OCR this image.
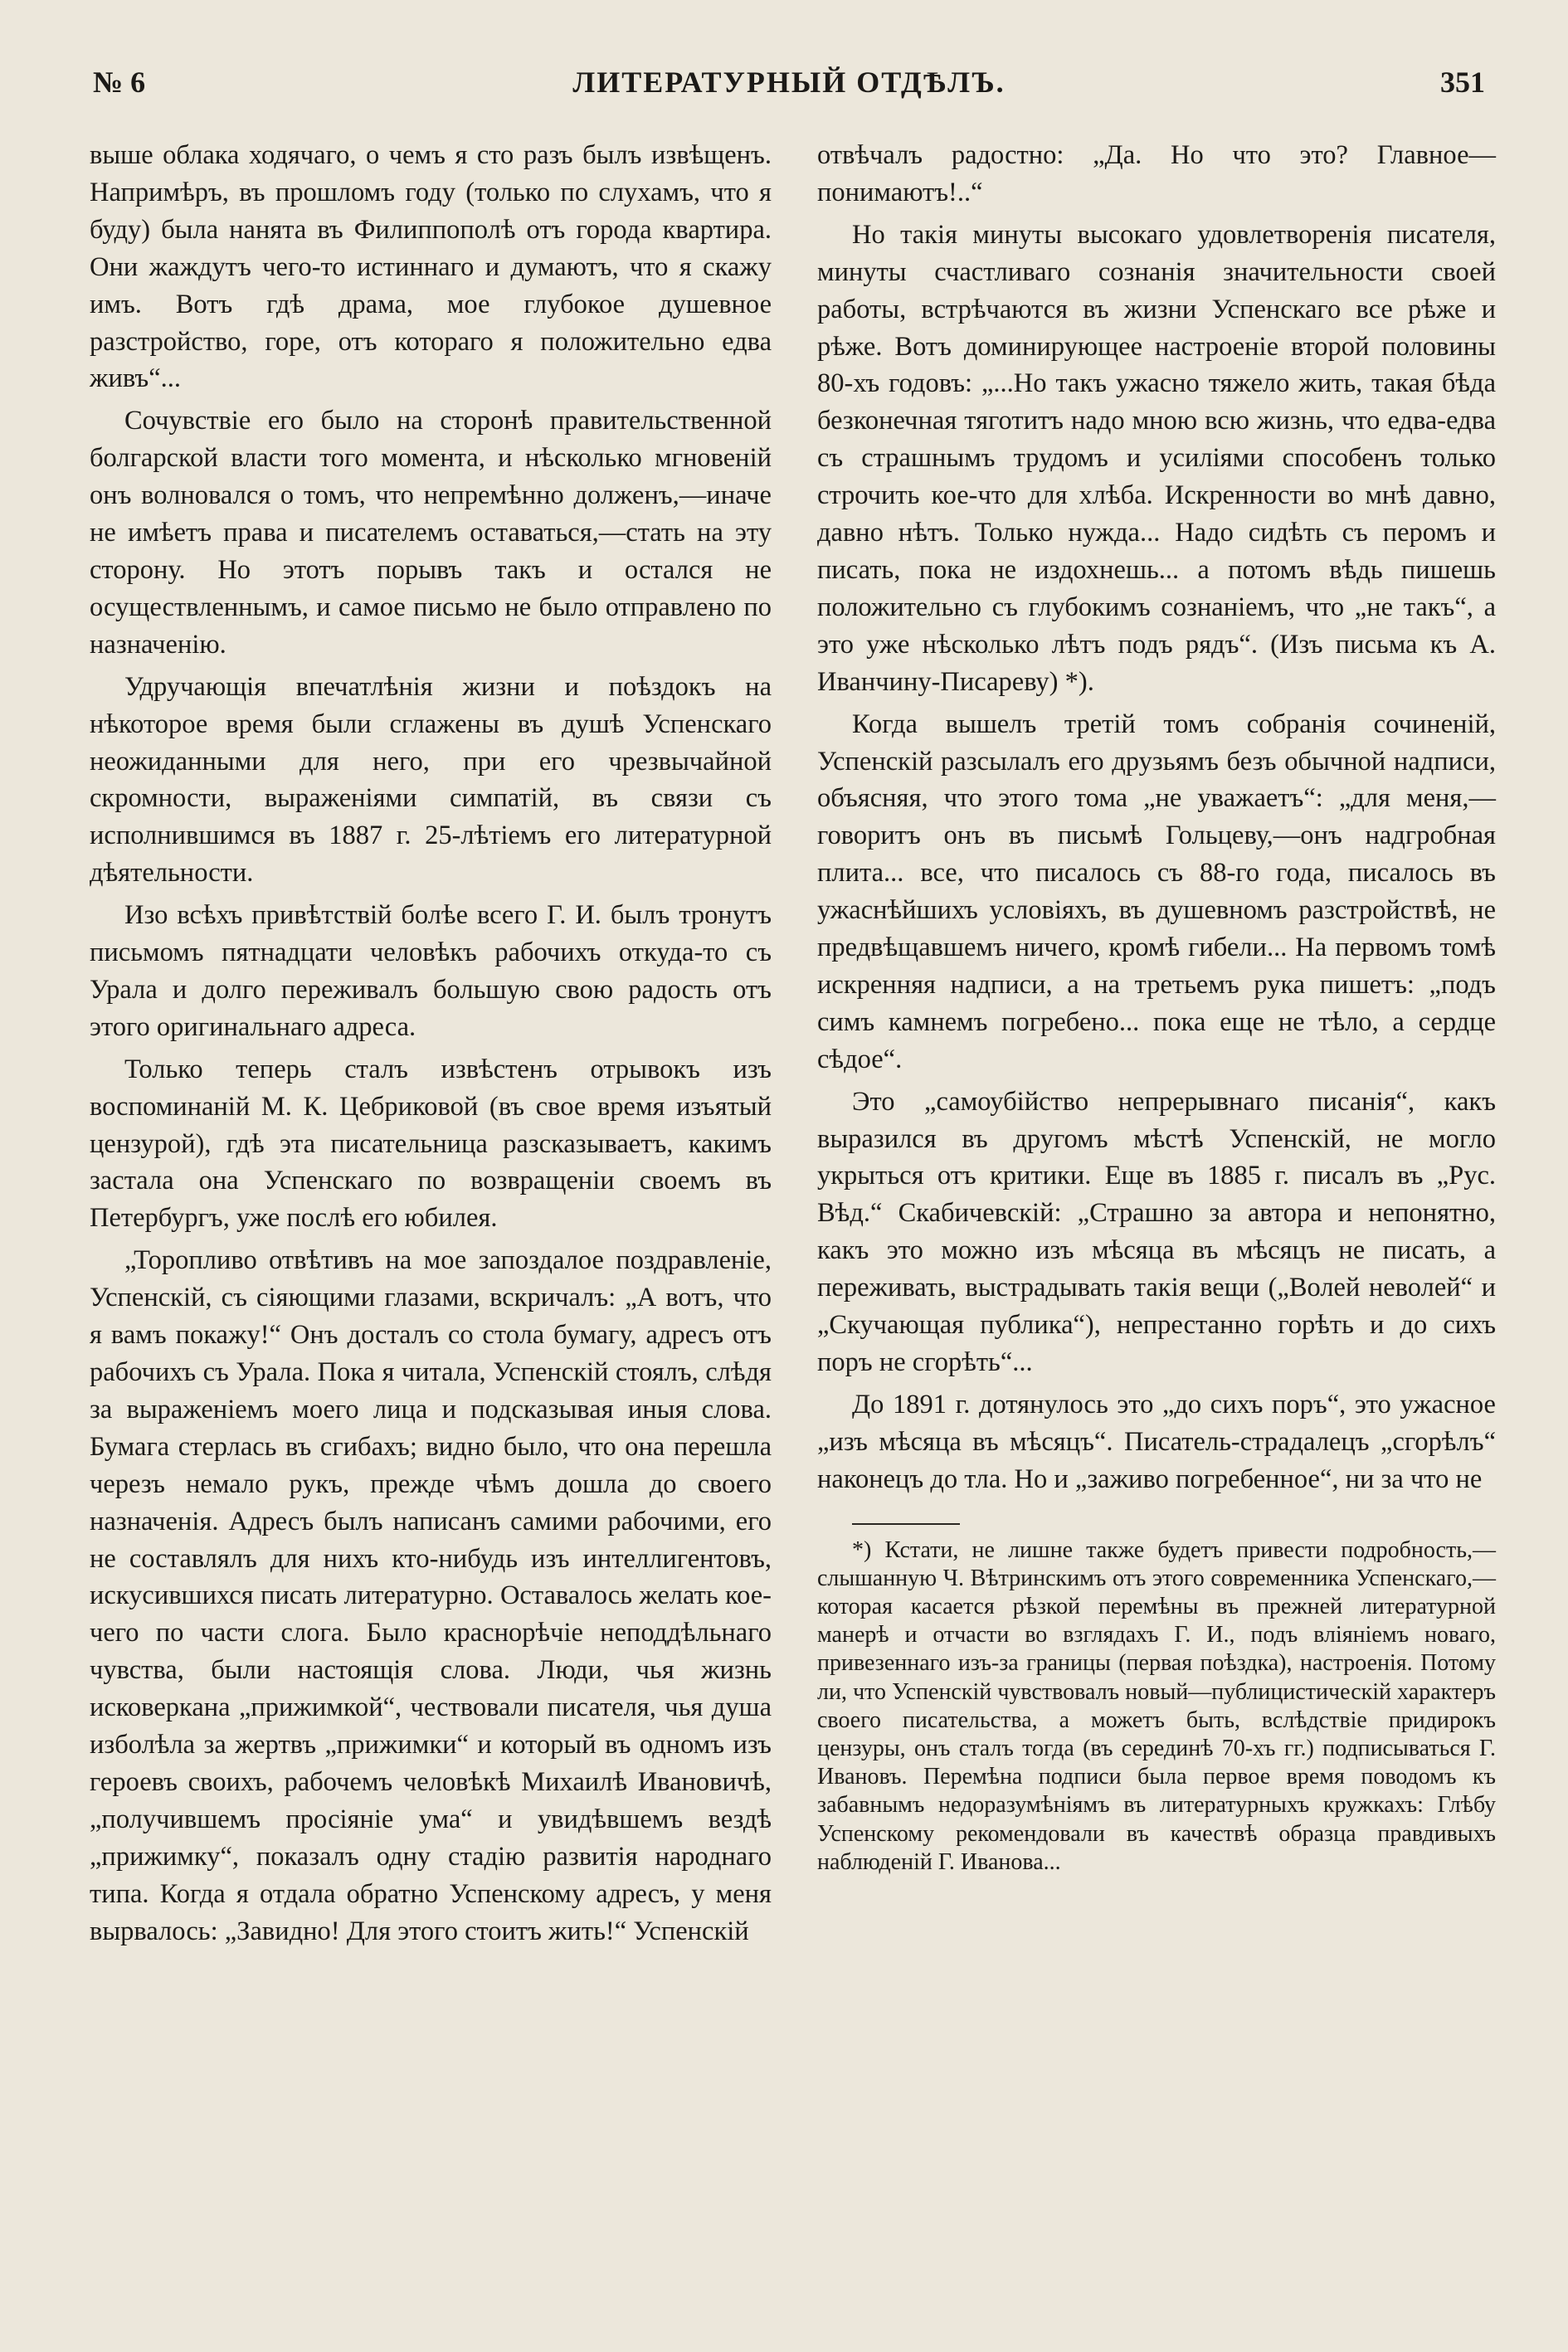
№ 6	ЛИТЕРАТУРНЫЙ ОТДѢЛЪ.	351

выше облака ходячаго, о чемъ я сто разъ былъ извѣщенъ. Напримѣръ, въ прошломъ году (только по слухамъ, что я буду) была нанята въ Филиппополѣ отъ города квартира. Они жаждутъ чего-то истиннаго и думаютъ, что я скажу имъ. Вотъ гдѣ драма, мое глубокое душевное разстройство, горе, отъ котораго я положительно едва живъ“...

Сочувствіе его было на сторонѣ правительственной болгарской власти того момента, и нѣсколько мгновеній онъ волновался о томъ, что непремѣнно долженъ,—иначе не имѣетъ права и писателемъ оставаться,—стать на эту сторону. Но этотъ порывъ такъ и остался не осуществленнымъ, и самое письмо не было отправлено по назначенію.

Удручающія впечатлѣнія жизни и поѣздокъ на нѣкоторое время были сглажены въ душѣ Успенскаго неожиданными для него, при его чрезвычайной скромности, выраженіями симпатій, въ связи съ исполнившимся въ 1887 г. 25-лѣтіемъ его литературной дѣятельности.

Изо всѣхъ привѣтствій болѣе всего Г. И. былъ тронутъ письмомъ пятнадцати человѣкъ рабочихъ откуда-то съ Урала и долго переживалъ большую свою радость отъ этого оригинальнаго адреса.

Только теперь сталъ извѣстенъ отрывокъ изъ воспоминаній М. К. Цебриковой (въ свое время изъятый цензурой), гдѣ эта писательница разсказываетъ, какимъ застала она Успенскаго по возвращеніи своемъ въ Петербургъ, уже послѣ его юбилея.

„Торопливо отвѣтивъ на мое запоздалое поздравленіе, Успенскій, съ сіяющими глазами, вскричалъ: „А вотъ, что я вамъ покажу!“ Онъ досталъ со стола бумагу, адресъ отъ рабочихъ съ Урала. Пока я читала, Успенскій стоялъ, слѣдя за выраженіемъ моего лица и подсказывая иныя слова. Бумага стерлась въ сгибахъ; видно было, что она перешла черезъ немало рукъ, прежде чѣмъ дошла до своего назначенія. Адресъ былъ написанъ самими рабочими, его не составлялъ для нихъ кто-нибудь изъ интеллигентовъ, искусившихся писать литературно. Оставалось желать кое-чего по части слога. Было краснорѣчіе неподдѣльнаго чувства, были настоящія слова. Люди, чья жизнь исковеркана „прижимкой“, чествовали писателя, чья душа изболѣла за жертвъ „прижимки“ и который въ одномъ изъ героевъ своихъ, рабочемъ человѣкѣ Михаилѣ Ивановичѣ, „получившемъ просіяніе ума“ и увидѣвшемъ вездѣ „прижимку“, показалъ одну стадію развитія народнаго типа. Когда я отдала обратно Успенскому адресъ, у меня вырвалось: „Завидно! Для этого стоитъ жить!“ Успенскій

отвѣчалъ радостно: „Да. Но что это? Главное—понимаютъ!..“

Но такія минуты высокаго удовлетворенія писателя, минуты счастливаго сознанія значительности своей работы, встрѣчаются въ жизни Успенскаго все рѣже и рѣже. Вотъ доминирующее настроеніе второй половины 80-хъ годовъ: „...Но такъ ужасно тяжело жить, такая бѣда безконечная тяготитъ надо мною всю жизнь, что едва-едва съ страшнымъ трудомъ и усиліями способенъ только строчить кое-что для хлѣба. Искренности во мнѣ давно, давно нѣтъ. Только нужда... Надо сидѣть съ перомъ и писать, пока не издохнешь... а потомъ вѣдь пишешь положительно съ глубокимъ сознаніемъ, что „не такъ“, а это уже нѣсколько лѣтъ подъ рядъ“. (Изъ письма къ А. Иванчину-Писареву) *).

Когда вышелъ третій томъ собранія сочиненій, Успенскій разсылалъ его друзьямъ безъ обычной надписи, объясняя, что этого тома „не уважаетъ“: „для меня,—говоритъ онъ въ письмѣ Гольцеву,—онъ надгробная плита... все, что писалось съ 88-го года, писалось въ ужаснѣйшихъ условіяхъ, въ душевномъ разстройствѣ, не предвѣщавшемъ ничего, кромѣ гибели... На первомъ томѣ искренняя надписи, а на третьемъ рука пишетъ: „подъ симъ камнемъ погребено... пока еще не тѣло, а сердце сѣдое“.

Это „самоубійство непрерывнаго писанія“, какъ выразился въ другомъ мѣстѣ Успенскій, не могло укрыться отъ критики. Еще въ 1885 г. писалъ въ „Рус. Вѣд.“ Скабичевскій: „Страшно за автора и непонятно, какъ это можно изъ мѣсяца въ мѣсяцъ не писать, а переживать, выстрадывать такія вещи („Волей неволей“ и „Скучающая публика“), непрестанно горѣть и до сихъ поръ не сгорѣть“...

До 1891 г. дотянулось это „до сихъ поръ“, это ужасное „изъ мѣсяца въ мѣсяцъ“. Писатель-страдалецъ „сгорѣлъ“ наконецъ до тла. Но и „заживо погребенное“, ни за что не

*) Кстати, не лишне также будетъ привести подробность,—слышанную Ч. Вѣтринскимъ отъ этого современника Успенскаго,—которая касается рѣзкой перемѣны въ прежней литературной манерѣ и отчасти во взглядахъ Г. И., подъ вліяніемъ новаго, привезеннаго изъ-за границы (первая поѣздка), настроенія. Потому ли, что Успенскій чувствовалъ новый—публицистическій характеръ своего писательства, а можетъ быть, вслѣдствіе придирокъ цензуры, онъ сталъ тогда (въ серединѣ 70-хъ гг.) подписываться Г. Ивановъ. Перемѣна подписи была первое время поводомъ къ забавнымъ недоразумѣніямъ въ литературныхъ кружкахъ: Глѣбу Успенскому рекомендовали въ качествѣ образца правдивыхъ наблюденій Г. Иванова...
